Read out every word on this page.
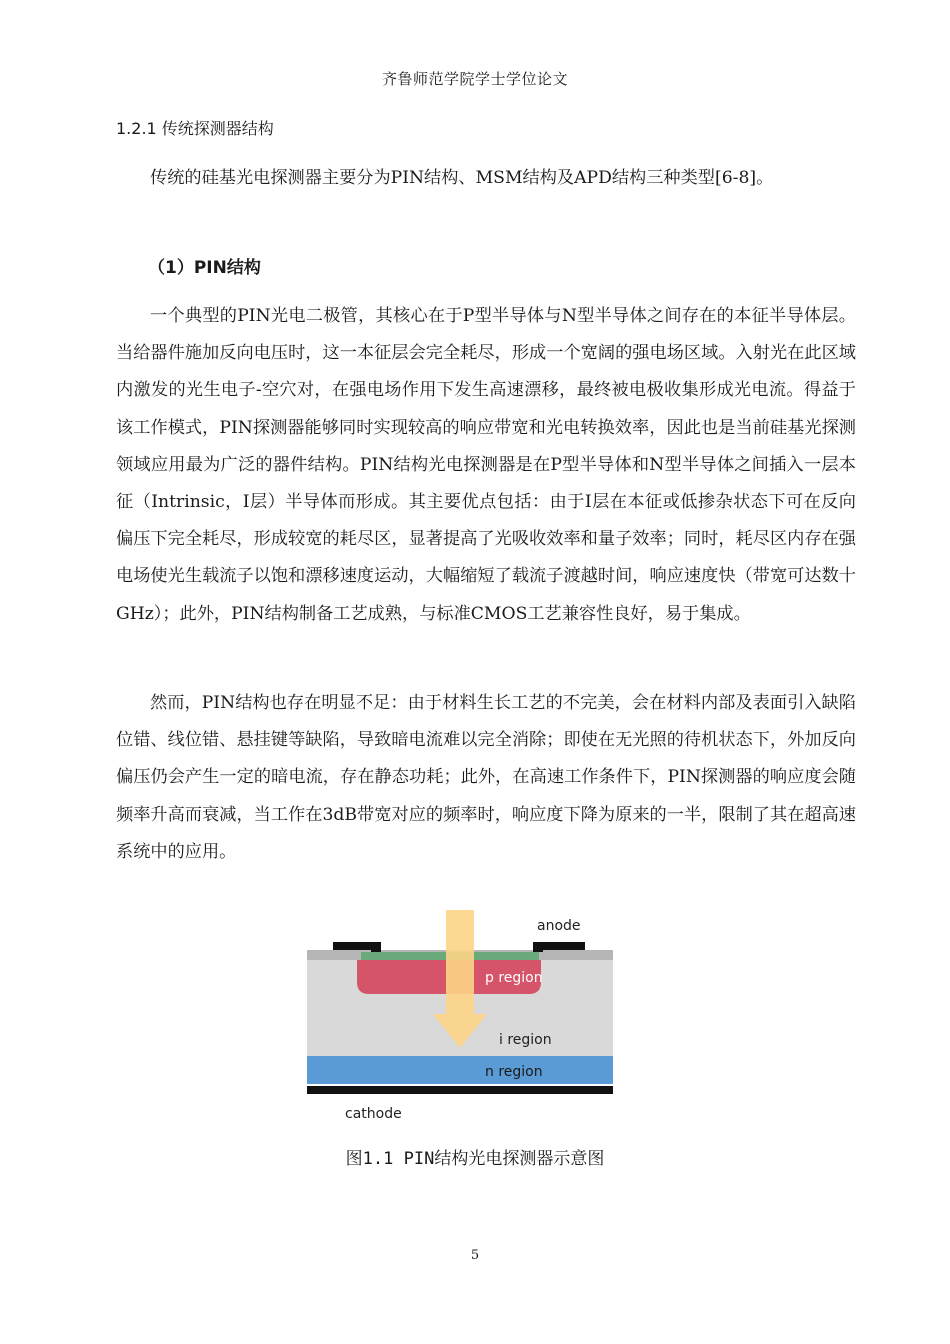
齐鲁师范学院学士学位论文
1.2.1 传统探测器结构

传统的硅基光电探测器主要分为PIN结构、MSM结构及APD结构三种类型[6-8]。

（1）PIN结构

一个典型的PIN光电二极管，其核心在于P型半导体与N型半导体之间存在的本征半导体层。当给器件施加反向电压时，这一本征层会完全耗尽，形成一个宽阔的强电场区域。入射光在此区域内激发的光生电子-空穴对，在强电场作用下发生高速漂移，最终被电极收集形成光电流。得益于该工作模式，PIN探测器能够同时实现较高的响应带宽和光电转换效率，因此也是当前硅基光探测领域应用最为广泛的器件结构。PIN结构光电探测器是在P型半导体和N型半导体之间插入一层本征（Intrinsic，I层）半导体而形成。其主要优点包括：由于I层在本征或低掺杂状态下可在反向偏压下完全耗尽，形成较宽的耗尽区，显著提高了光吸收效率和量子效率；同时，耗尽区内存在强电场使光生载流子以饱和漂移速度运动，大幅缩短了载流子渡越时间，响应速度快（带宽可达数十GHz）；此外，PIN结构制备工艺成熟，与标准CMOS工艺兼容性良好，易于集成。

然而，PIN结构也存在明显不足：由于材料生长工艺的不完美，会在材料内部及表面引入缺陷位错、线位错、悬挂键等缺陷，导致暗电流难以完全消除；即使在无光照的待机状态下，外加反向偏压仍会产生一定的暗电流，存在静态功耗；此外，在高速工作条件下，PIN探测器的响应度会随频率升高而衰减，当工作在3dB带宽对应的频率时，响应度下降为原来的一半，限制了其在超高速系统中的应用。

anode
p region
i region
n region
cathode
图1.1 PIN结构光电探测器示意图
5
